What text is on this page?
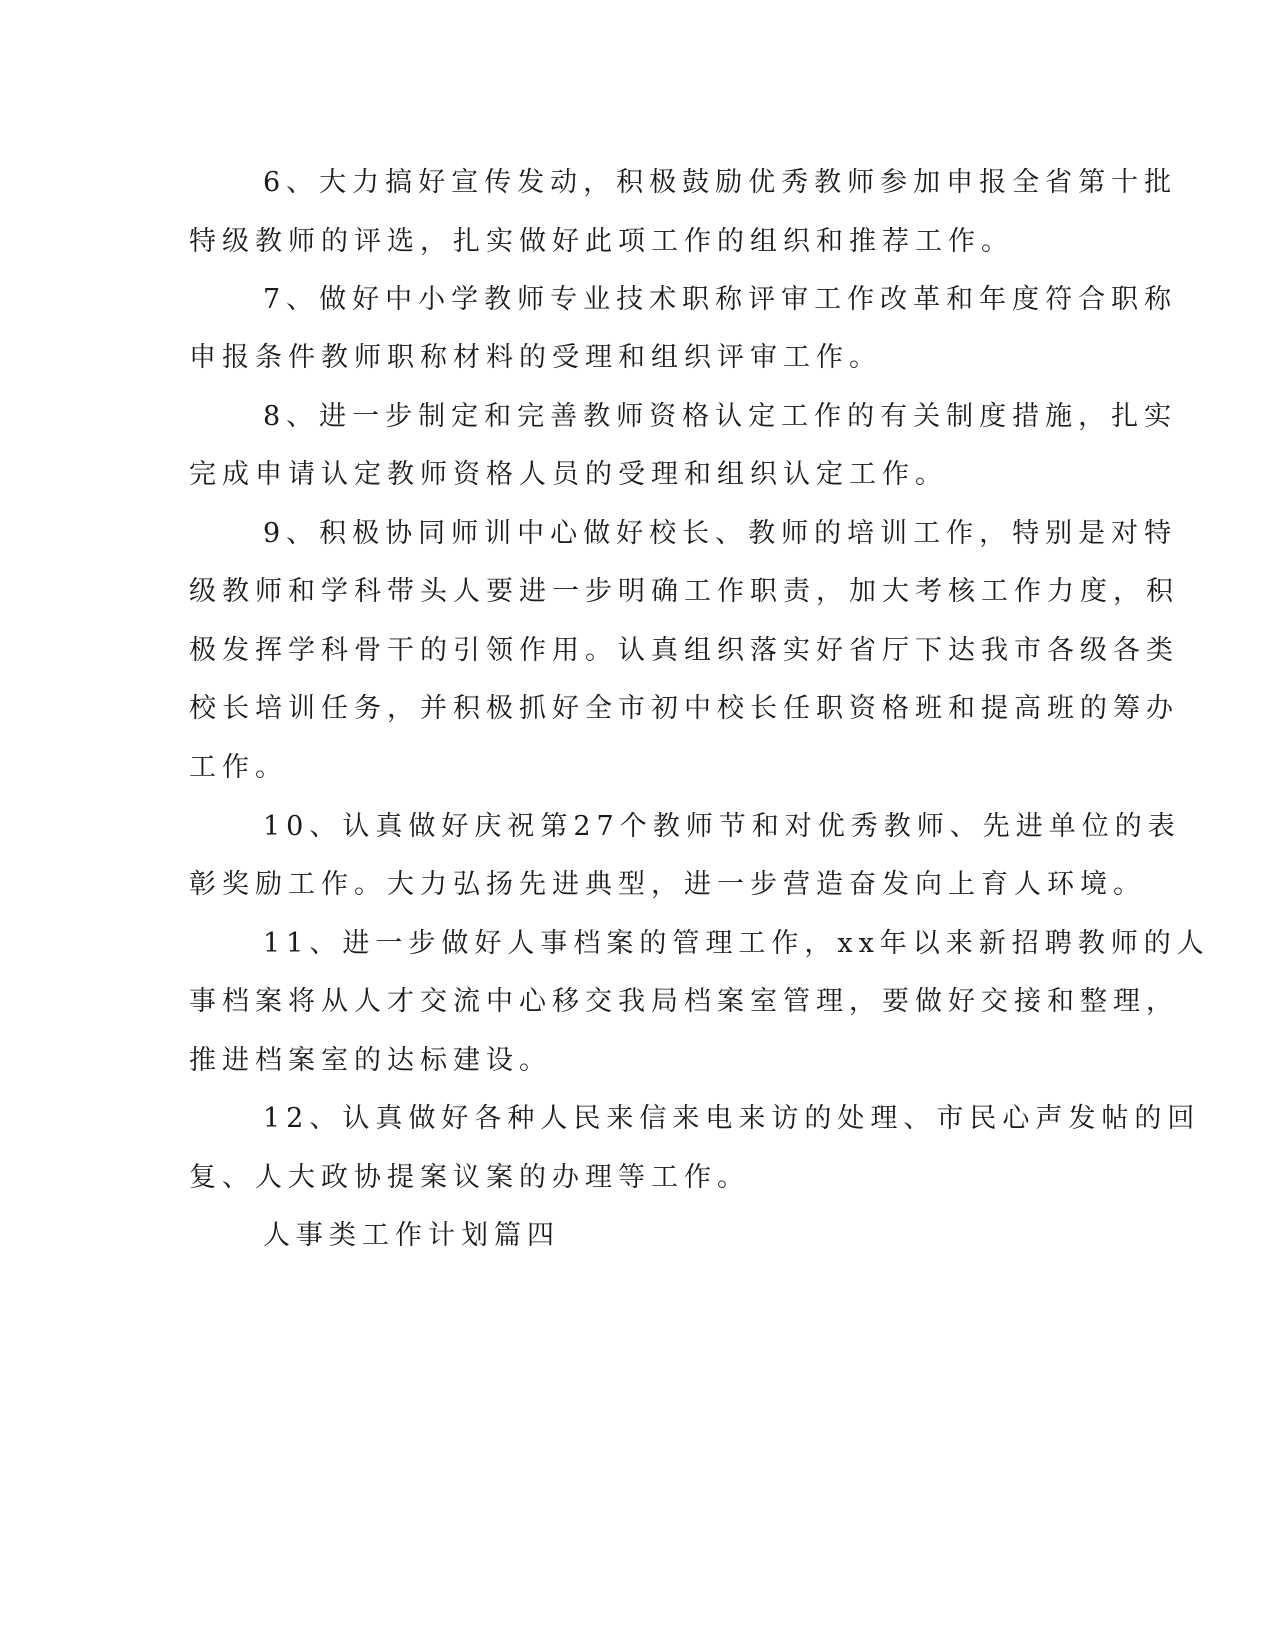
6、大力搞好宣传发动，积极鼓励优秀教师参加申报全省第十批
特级教师的评选，扎实做好此项工作的组织和推荐工作。
7、做好中小学教师专业技术职称评审工作改革和年度符合职称
申报条件教师职称材料的受理和组织评审工作。
8、进一步制定和完善教师资格认定工作的有关制度措施，扎实
完成申请认定教师资格人员的受理和组织认定工作。
9、积极协同师训中心做好校长、教师的培训工作，特别是对特
级教师和学科带头人要进一步明确工作职责，加大考核工作力度，积
极发挥学科骨干的引领作用。认真组织落实好省厅下达我市各级各类
校长培训任务，并积极抓好全市初中校长任职资格班和提高班的筹办
工作。
10、认真做好庆祝第27个教师节和对优秀教师、先进单位的表
彰奖励工作。大力弘扬先进典型，进一步营造奋发向上育人环境。
11、进一步做好人事档案的管理工作，xx年以来新招聘教师的人
事档案将从人才交流中心移交我局档案室管理，要做好交接和整理，
推进档案室的达标建设。
12、认真做好各种人民来信来电来访的处理、市民心声发帖的回
复、人大政协提案议案的办理等工作。
人事类工作计划篇四
